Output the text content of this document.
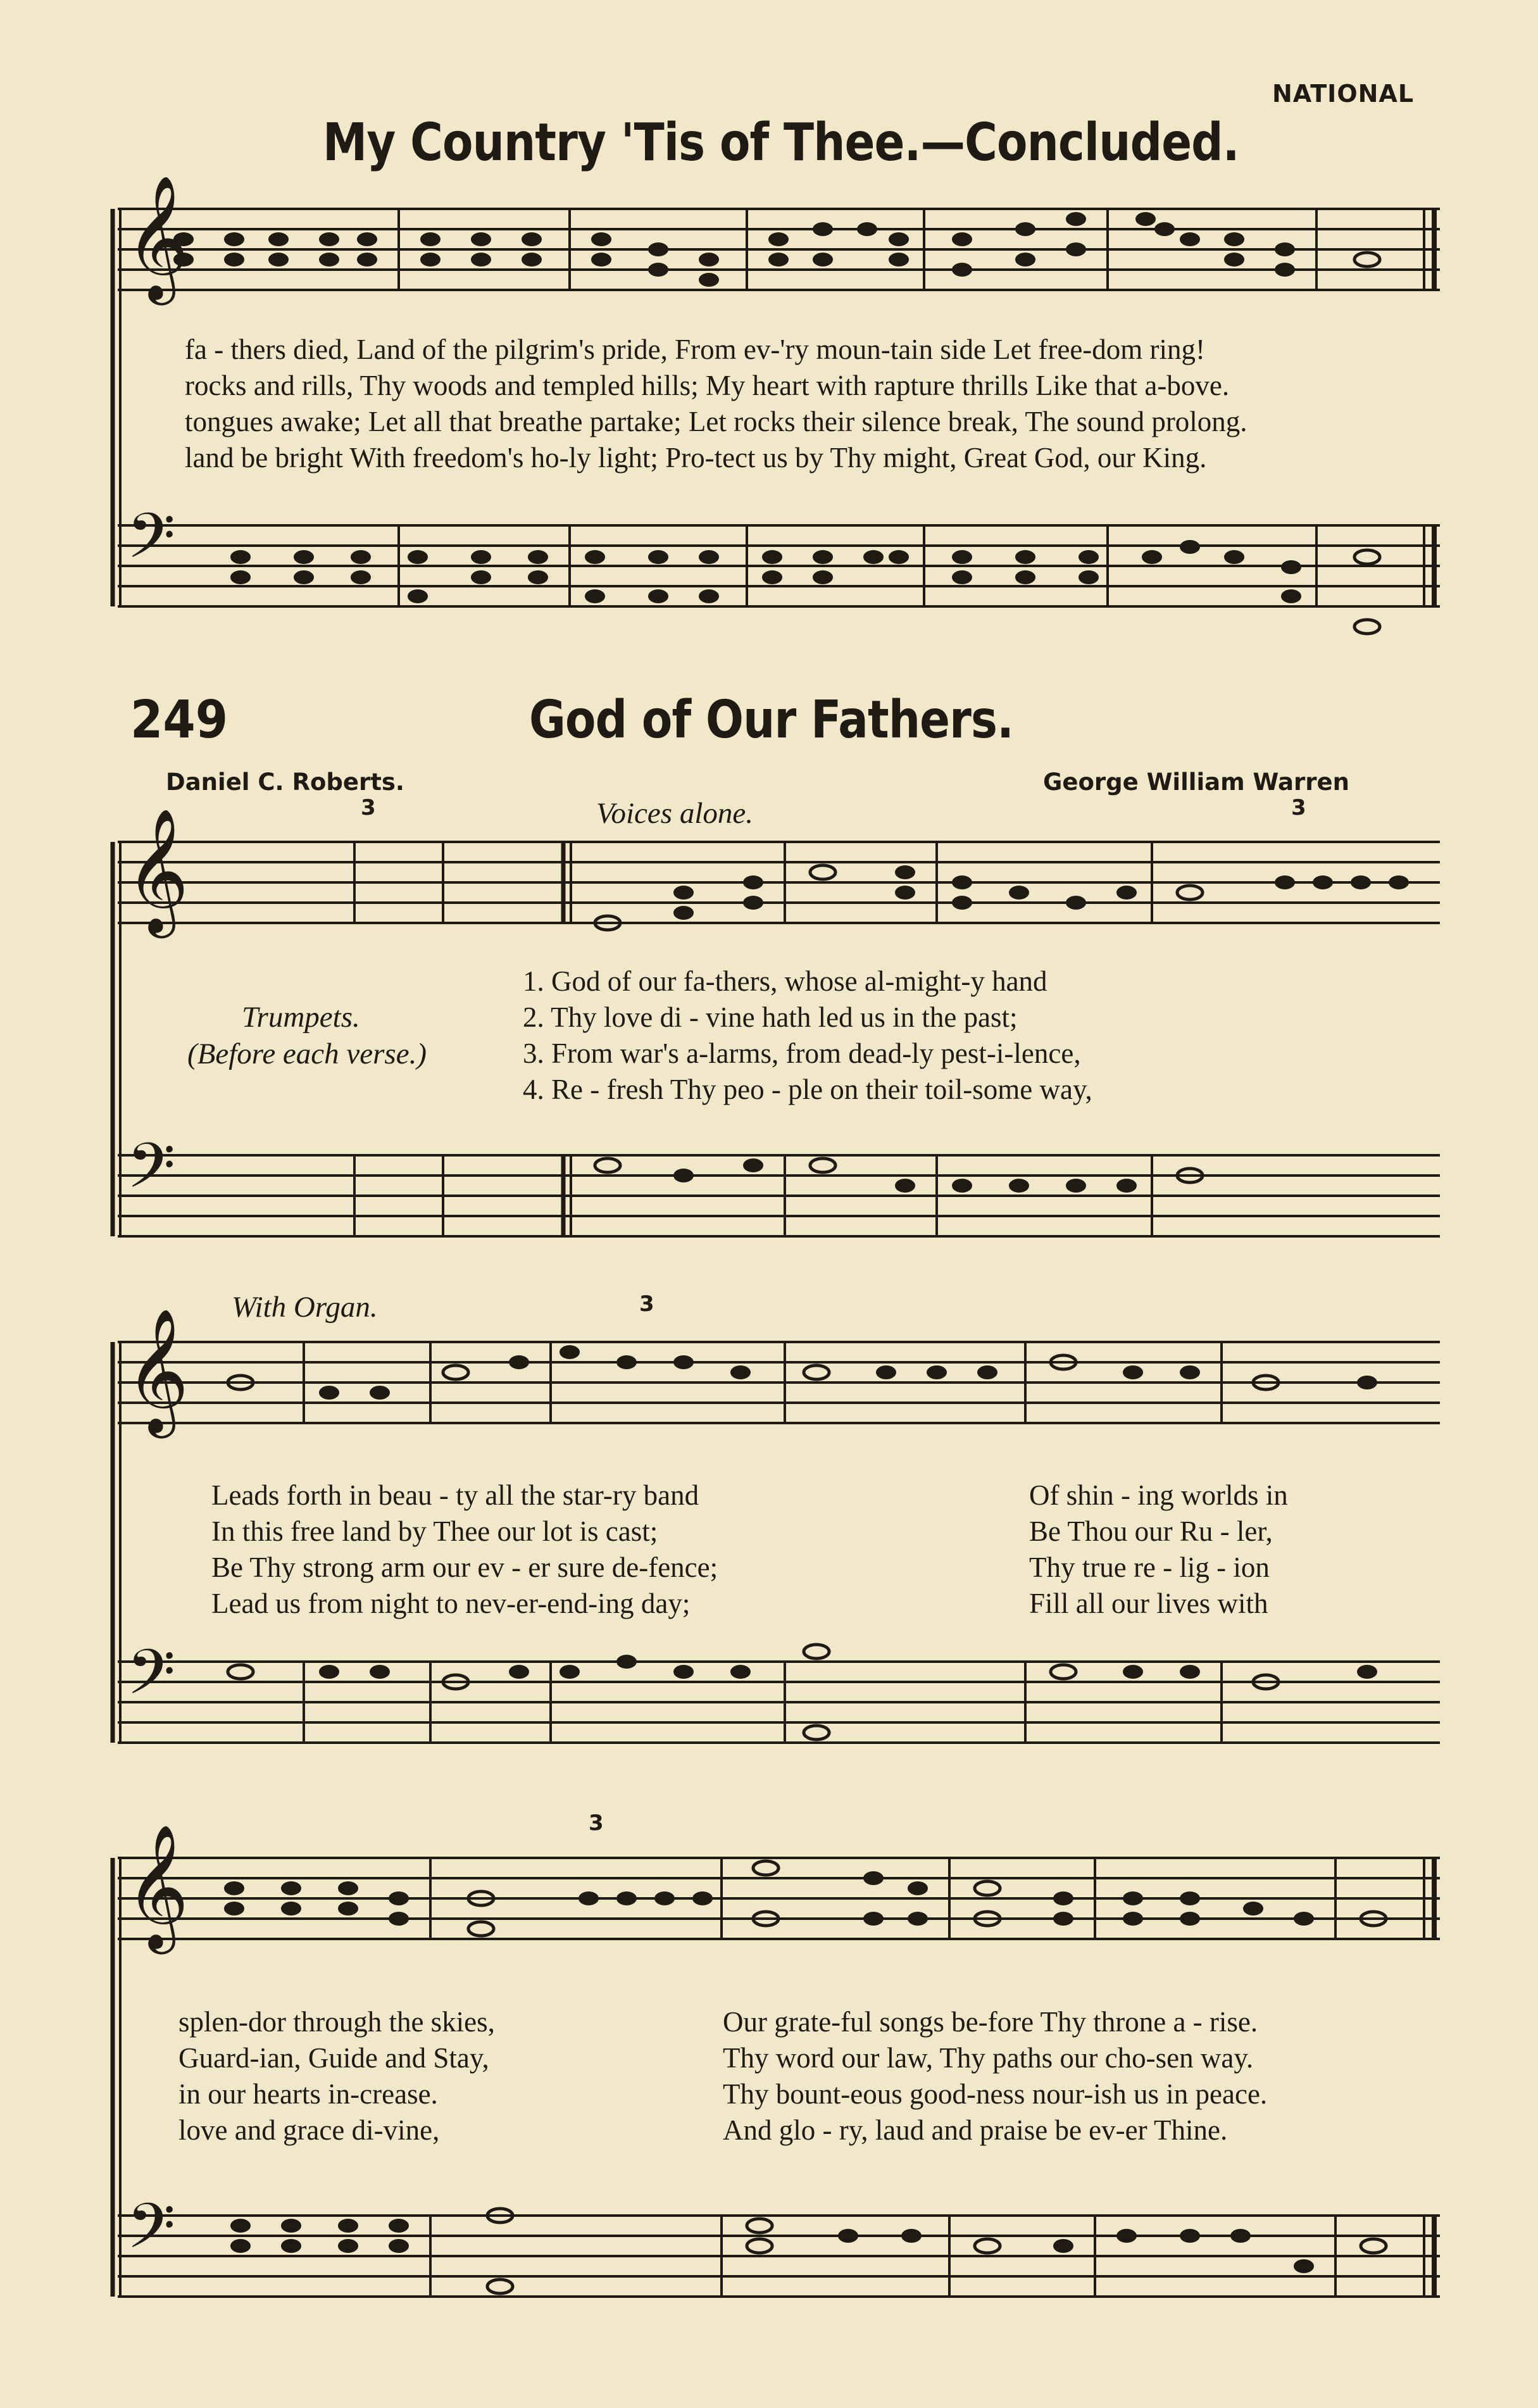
NATIONAL
My Country 'Tis of Thee.—Concluded.
𝄞
𝄢
𝄞
𝄢
𝄞
𝄢
𝄞
𝄢
fa - thers died, Land of the pilgrim's pride, From ev-'ry moun-tain side Let free-dom ring!
rocks and rills, Thy woods and templed hills; My heart with rapture thrills Like that a-bove.
tongues awake; Let all that breathe partake; Let rocks their silence break, The sound prolong.
land be bright With freedom's ho-ly light; Pro-tect us by Thy might, Great God, our King.
249	God of Our Fathers.
Daniel C. Roberts.	George William Warren
Voices alone.
3	3
Trumpets.
(Before each verse.)
1. God of our fa-thers, whose al-might-y hand
2. Thy love di - vine hath led us in the past;
3. From war's a-larms, from dead-ly pest-i-lence,
4. Re - fresh Thy peo - ple on their toil-some way,
With Organ.	3
Leads forth in beau - ty all the star-ry band
In this free land by Thee our lot is cast;
Be Thy strong arm our ev - er sure de-fence;
Lead us from night to nev-er-end-ing day;
Of shin - ing worlds in
Be Thou our Ru - ler,
Thy true re - lig - ion
Fill all our lives with
3
splen-dor through the skies,
Guard-ian, Guide and Stay,
in our hearts in-crease.
love and grace di-vine,
Our grate-ful songs be-fore Thy throne a - rise.
Thy word our law, Thy paths our cho-sen way.
Thy bount-eous good-ness nour-ish us in peace.
And glo - ry, laud and praise be ev-er Thine.
